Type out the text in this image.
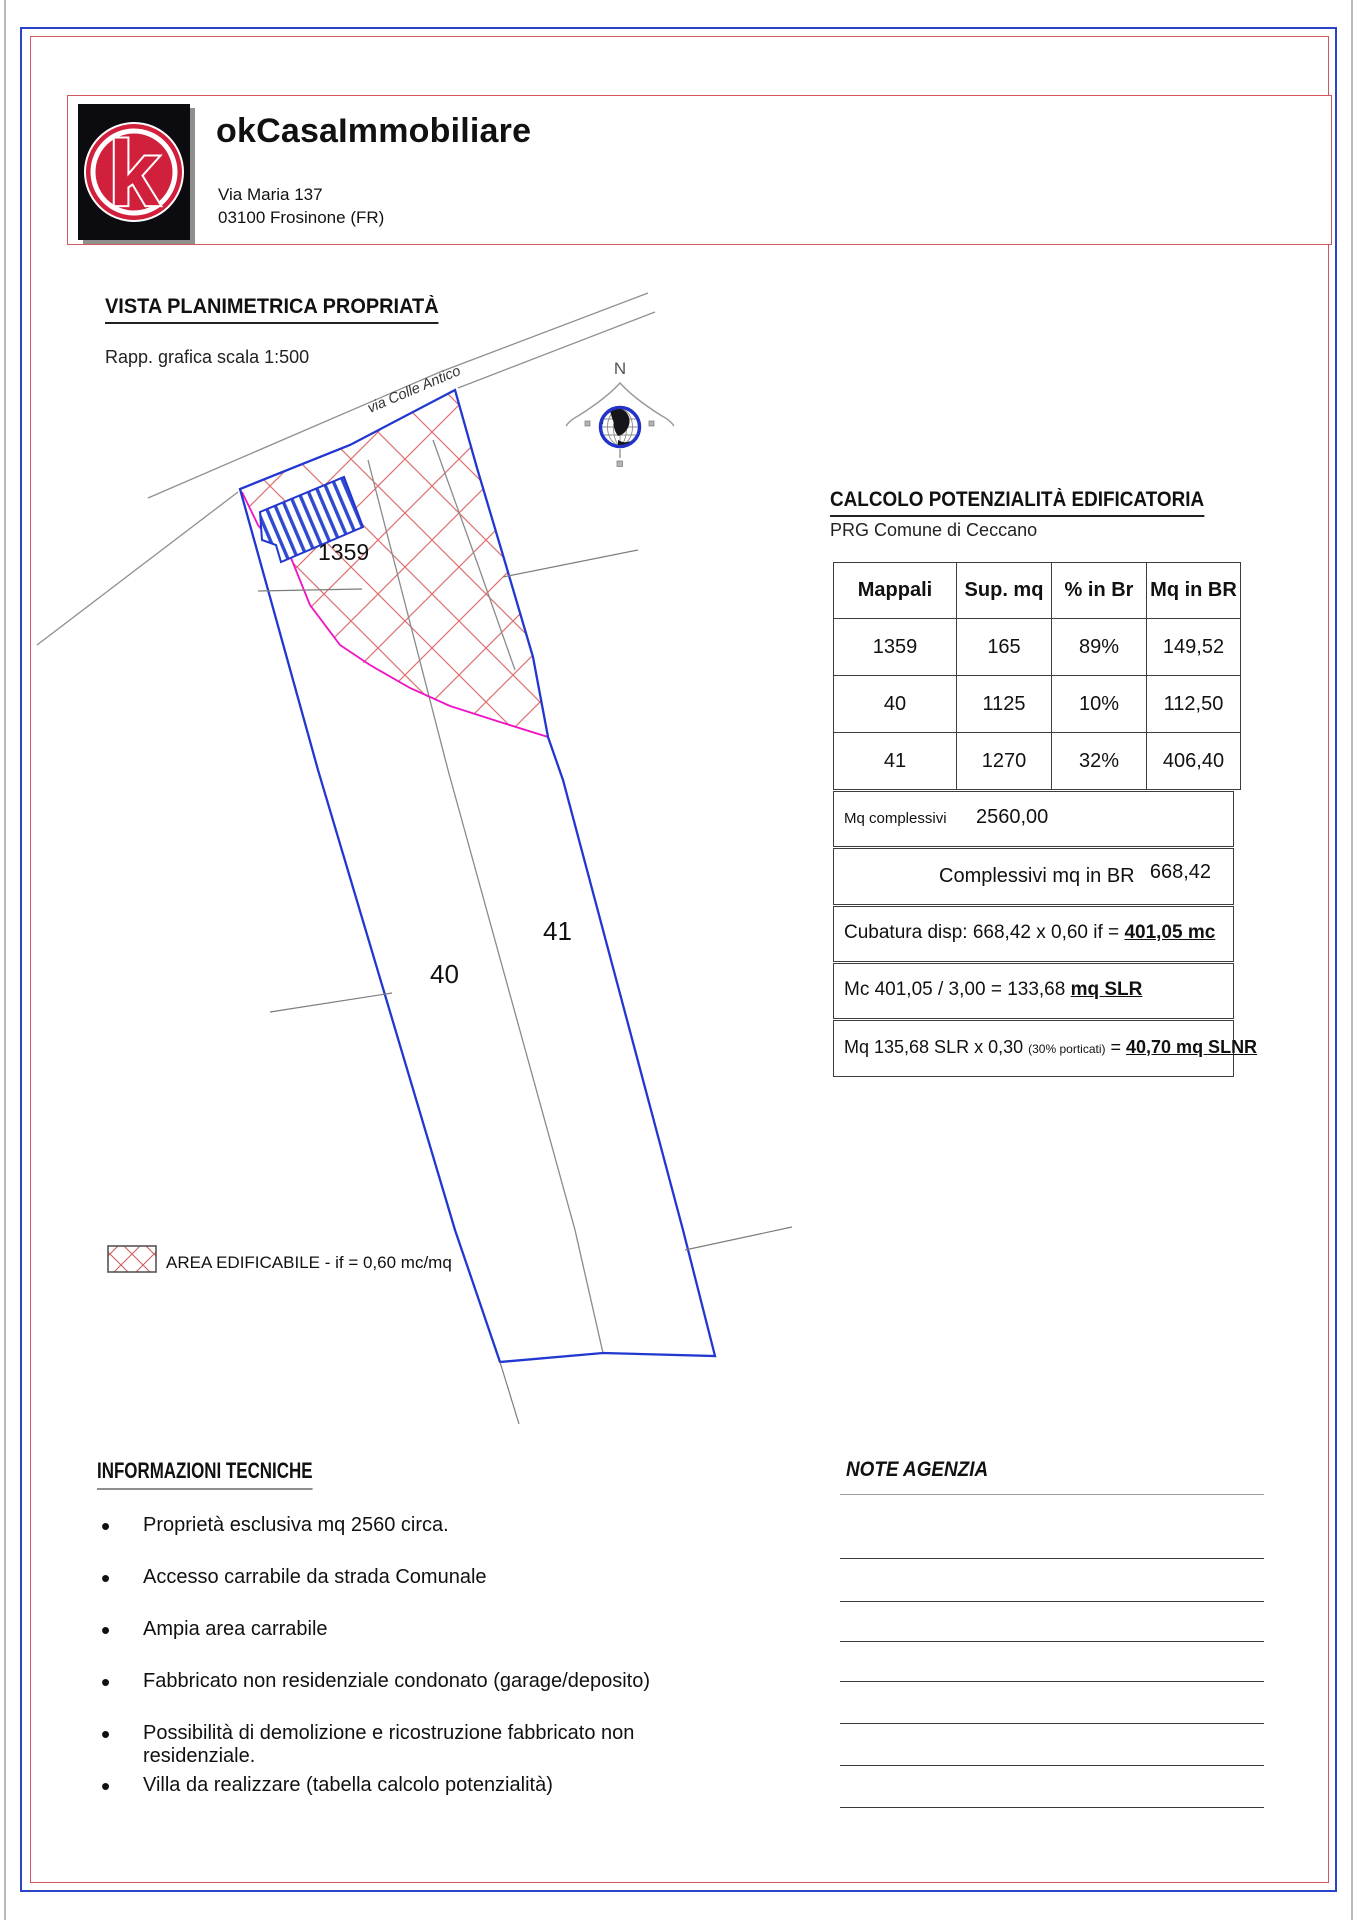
k okCasaImmobiliare
Via Maria 137
03100 Frosinone (FR)
VISTA PLANIMETRICA PROPRIATÀ
Rapp. grafica scala 1:500
1359
40
41
via Colle Antico	N
AREA EDIFICABILE - if = 0,60 mc/mq
CALCOLO POTENZIALITÀ EDIFICATORIA
PRG Comune di Ceccano
Mappali	Sup. mq	% in Br	Mq in BR
1359	165	89%	149,52
40	1125	10%	112,50
41	1270	32%	406,40
Mq complessivi 2560,00
Complessivi mq in BR 668,42
Cubatura disp: 668,42 x 0,60 if = 401,05 mc
Mc 401,05 / 3,00 = 133,68 mq SLR
Mq 135,68 SLR x 0,30 (30% porticati) = 40,70 mq SLNR
INFORMAZIONI TECNICHE
• Proprietà esclusiva mq 2560 circa.
• Accesso carrabile da strada Comunale
• Ampia area carrabile
• Fabbricato non residenziale condonato (garage/deposito)
• Possibilità di demolizione e ricostruzione fabbricato non residenziale.
• Villa da realizzare (tabella calcolo potenzialità)
NOTE AGENZIA
